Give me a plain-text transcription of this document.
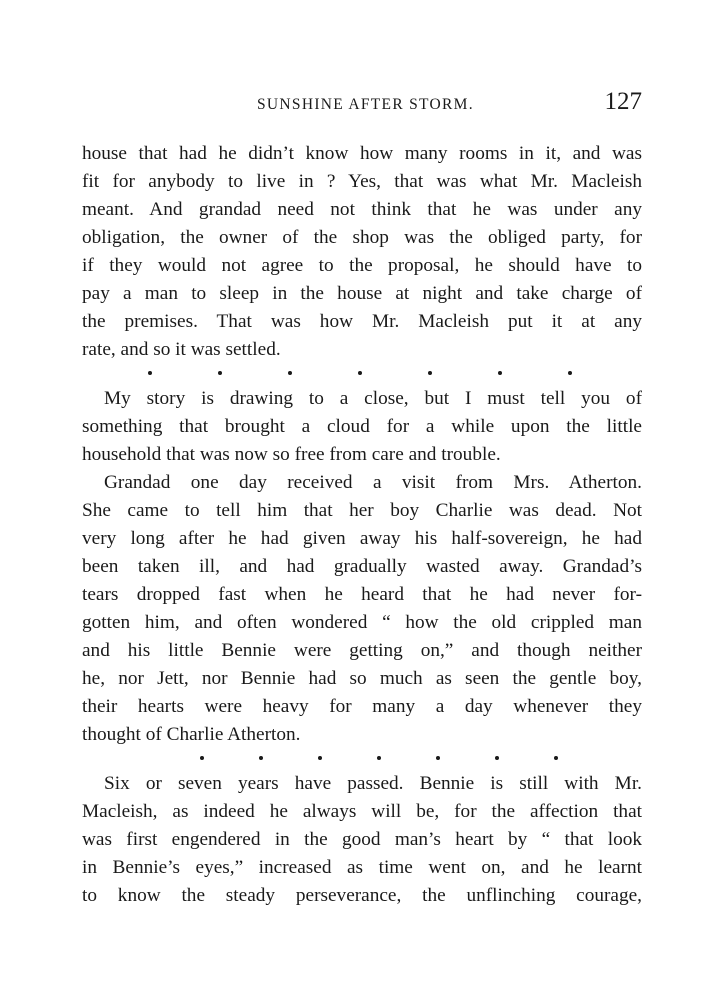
SUNSHINE AFTER STORM.	127
house that had he didn’t know how many rooms in it, and was
fit for anybody to live in ? Yes, that was what Mr. Macleish
meant. And grandad need not think that he was under any
obligation, the owner of the shop was the obliged party, for
if they would not agree to the proposal, he should have to
pay a man to sleep in the house at night and take charge of
the premises. That was how Mr. Macleish put it at any
rate, and so it was settled.
My story is drawing to a close, but I must tell you of
something that brought a cloud for a while upon the little
household that was now so free from care and trouble.
Grandad one day received a visit from Mrs. Atherton.
She came to tell him that her boy Charlie was dead. Not
very long after he had given away his half-sovereign, he had
been taken ill, and had gradually wasted away. Grandad’s
tears dropped fast when he heard that he had never for-
gotten him, and often wondered “ how the old crippled man
and his little Bennie were getting on,” and though neither
he, nor Jett, nor Bennie had so much as seen the gentle boy,
their hearts were heavy for many a day whenever they
thought of Charlie Atherton.
Six or seven years have passed. Bennie is still with Mr.
Macleish, as indeed he always will be, for the affection that
was first engendered in the good man’s heart by “ that look
in Bennie’s eyes,” increased as time went on, and he learnt
to know the steady perseverance, the unflinching courage,
